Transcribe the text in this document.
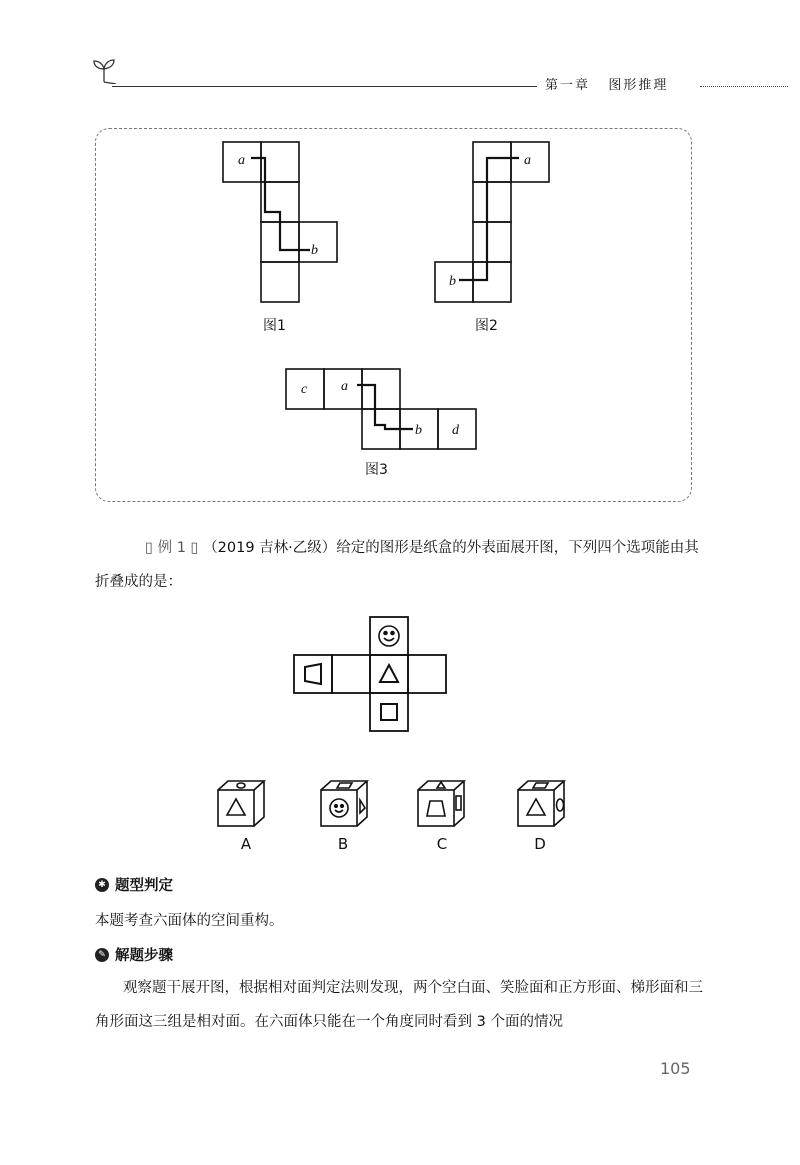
第一章 图形推理
a
b
a
b
c a
b d
图1	图2
图3
▯ 例 1 ▯ （2019 吉林·乙级）给定的图形是纸盒的外表面展开图，下列四个选项能由其折叠成的是：
A	B	C	D
✱ 题型判定
本题考查六面体的空间重构。
✎ 解题步骤
观察题干展开图，根据相对面判定法则发现，两个空白面、笑脸面和正方形面、梯形面和三角形面这三组是相对面。在六面体只能在一个角度同时看到 3 个面的情况
105
